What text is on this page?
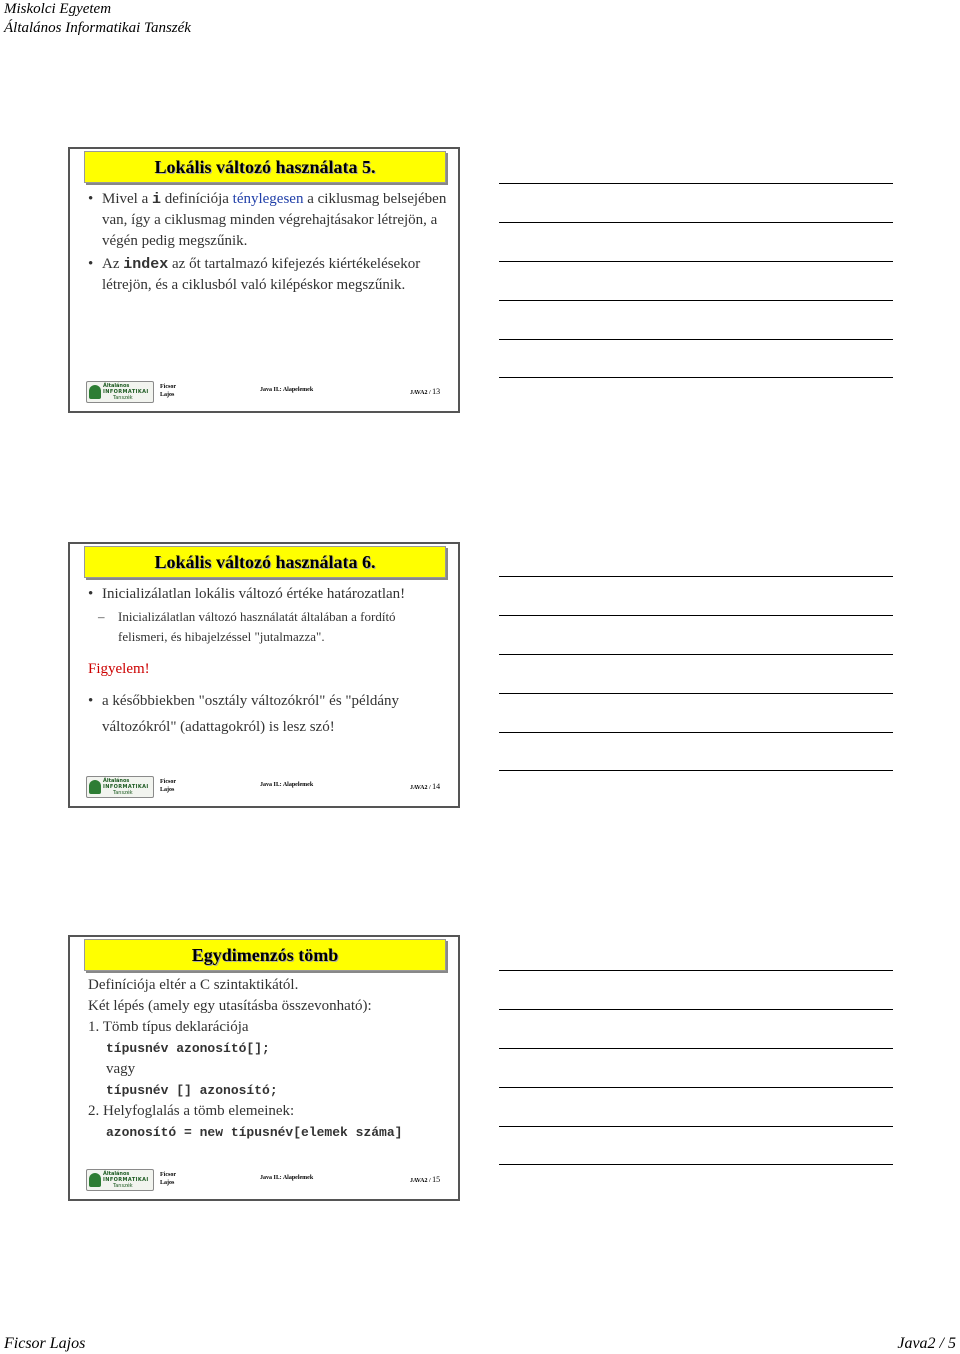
Miskolci Egyetem
Általános Informatikai Tanszék
Lokális változó használata 5.

• Mivel a i definíciója ténylegesen a ciklusmag belsejében van, így a ciklusmag minden végrehajtásakor létrejön, a végén pedig megszűnik.

• Az index az őt tartalmazó kifejezés kiértékelésekor létrejön, és a ciklusból való kilépéskor megszűnik.

Általános
INFORMATIKAI
Tanszék
Ficsor
Lajos
Java II.: Alapelemek	JAVA2 / 13
Lokális változó használata 6.

• Inicializálatlan lokális változó értéke határozatlan!

– Inicializálatlan változó használatát általában a fordító felismeri, és hibajelzéssel "jutalmazza".
Figyelem!

• a későbbiekben "osztály változókról" és "példány változókról" (adattagokról) is lesz szó!

Általános
INFORMATIKAI
Tanszék
Ficsor
Lajos
Java II.: Alapelemek	JAVA2 / 14
Egydimenzós tömb
Definíciója eltér a C szintaktikától.
Két lépés (amely egy utasításba összevonható):
1. Tömb típus deklarációja
típusnév azonosító[];
vagy
típusnév [] azonosító;
2. Helyfoglalás a tömb elemeinek:
azonosító = new típusnév[elemek száma]
Általános
INFORMATIKAI
Tanszék
Ficsor
Lajos
Java II.: Alapelemek	JAVA2 / 15
Ficsor Lajos	Java2 / 5
